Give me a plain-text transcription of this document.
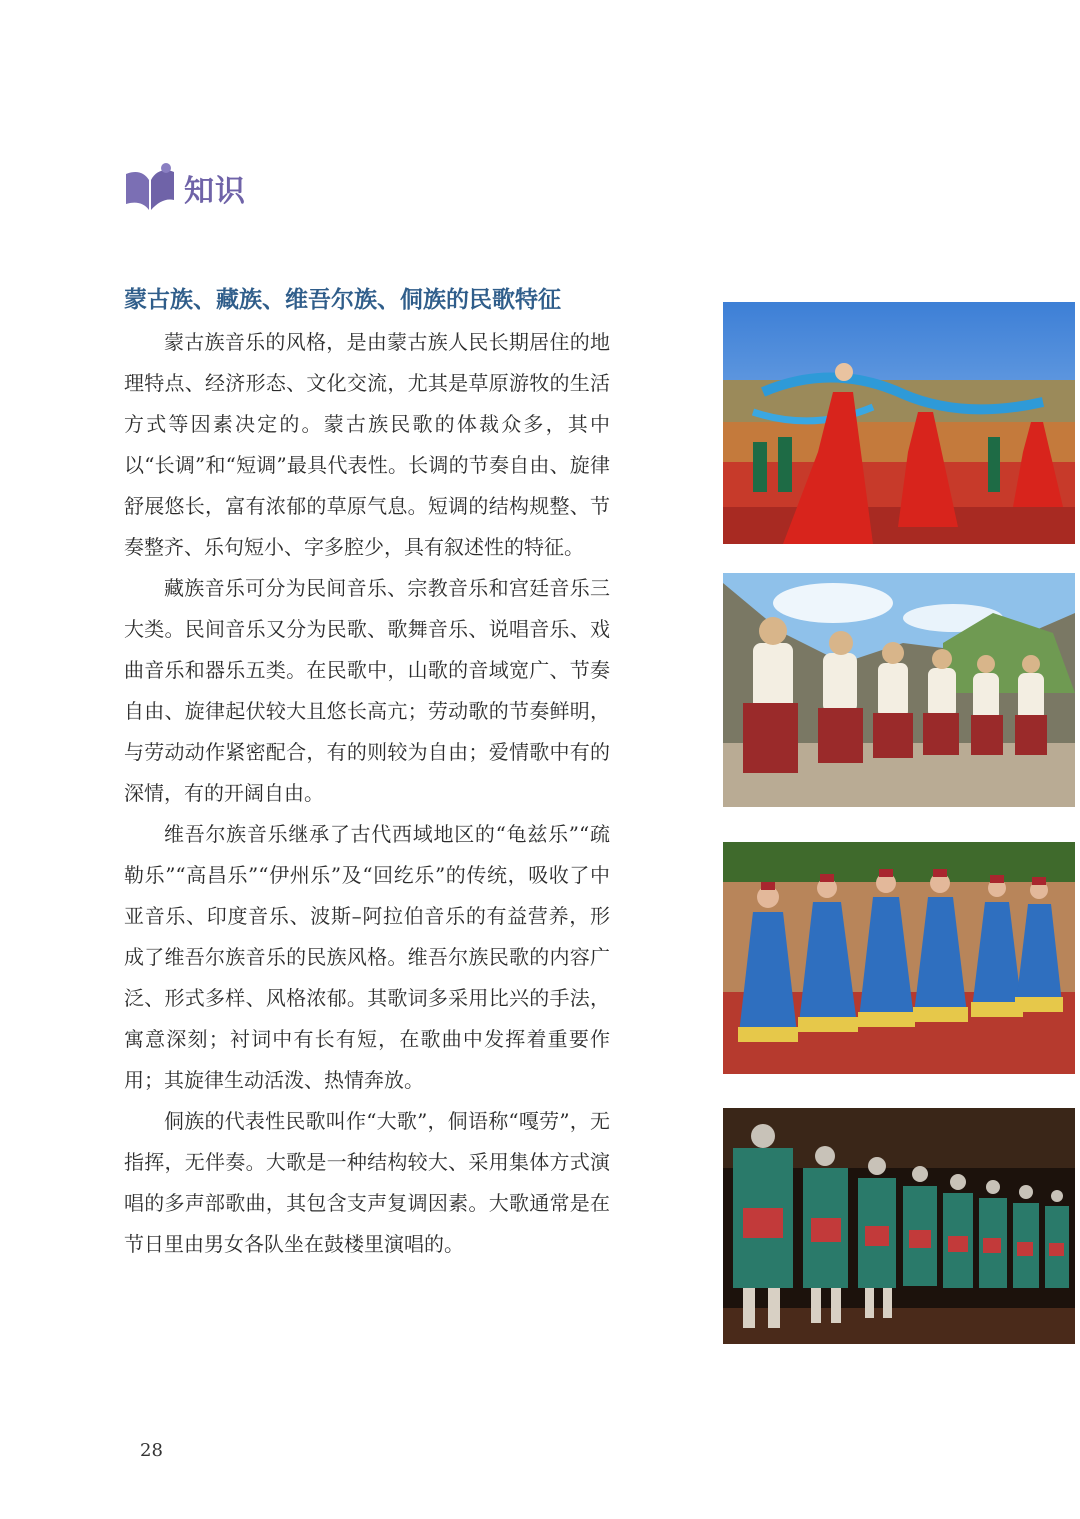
知识
蒙古族、藏族、维吾尔族、侗族的民歌特征

蒙古族音乐的风格，是由蒙古族人民长期居住的地理特点、经济形态、文化交流，尤其是草原游牧的生活方式等因素决定的。蒙古族民歌的体裁众多，其中以“长调”和“短调”最具代表性。长调的节奏自由、旋律舒展悠长，富有浓郁的草原气息。短调的结构规整、节奏整齐、乐句短小、字多腔少，具有叙述性的特征。

藏族音乐可分为民间音乐、宗教音乐和宫廷音乐三大类。民间音乐又分为民歌、歌舞音乐、说唱音乐、戏曲音乐和器乐五类。在民歌中，山歌的音域宽广、节奏自由、旋律起伏较大且悠长高亢；劳动歌的节奏鲜明，与劳动动作紧密配合，有的则较为自由；爱情歌中有的深情，有的开阔自由。

维吾尔族音乐继承了古代西域地区的“龟兹乐”“疏勒乐”“高昌乐”“伊州乐”及“回纥乐”的传统，吸收了中亚音乐、印度音乐、波斯–阿拉伯音乐的有益营养，形成了维吾尔族音乐的民族风格。维吾尔族民歌的内容广泛、形式多样、风格浓郁。其歌词多采用比兴的手法，寓意深刻；衬词中有长有短，在歌曲中发挥着重要作用；其旋律生动活泼、热情奔放。

侗族的代表性民歌叫作“大歌”，侗语称“嘎劳”，无指挥，无伴奏。大歌是一种结构较大、采用集体方式演唱的多声部歌曲，其包含支声复调因素。大歌通常是在节日里由男女各队坐在鼓楼里演唱的。

28
